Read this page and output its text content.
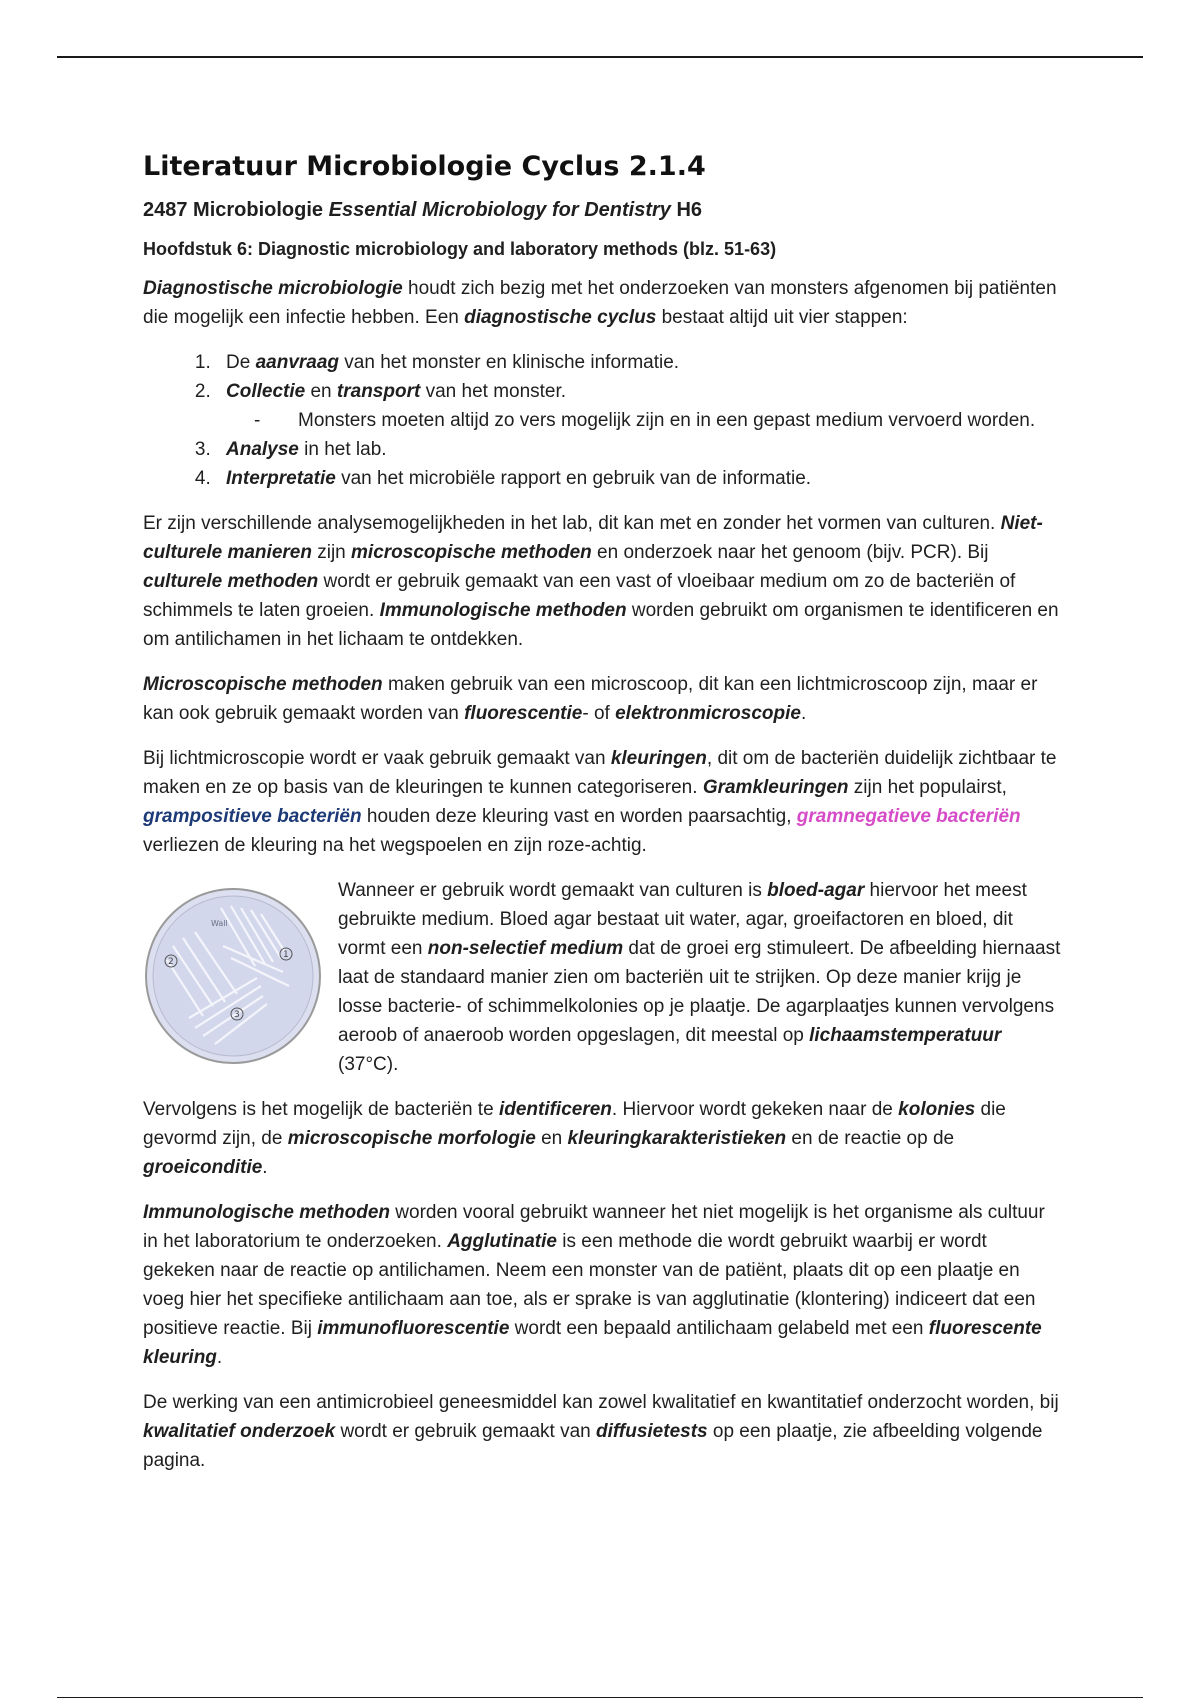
Literatuur Microbiologie Cyclus 2.1.4
2487 Microbiologie Essential Microbiology for Dentistry H6
Hoofdstuk 6: Diagnostic microbiology and laboratory methods (blz. 51-63)

Diagnostische microbiologie houdt zich bezig met het onderzoeken van monsters afgenomen bij patiënten die mogelijk een infectie hebben. Een diagnostische cyclus bestaat altijd uit vier stappen:

1. De aanvraag van het monster en klinische informatie.
2. Collectie en transport van het monster.
- Monsters moeten altijd zo vers mogelijk zijn en in een gepast medium vervoerd worden.
3. Analyse in het lab.
4. Interpretatie van het microbiële rapport en gebruik van de informatie.

Er zijn verschillende analysemogelijkheden in het lab, dit kan met en zonder het vormen van culturen. Niet-culturele manieren zijn microscopische methoden en onderzoek naar het genoom (bijv. PCR). Bij culturele methoden wordt er gebruik gemaakt van een vast of vloeibaar medium om zo de bacteriën of schimmels te laten groeien. Immunologische methoden worden gebruikt om organismen te identificeren en om antilichamen in het lichaam te ontdekken.

Microscopische methoden maken gebruik van een microscoop, dit kan een lichtmicroscoop zijn, maar er kan ook gebruik gemaakt worden van fluorescentie- of elektronmicroscopie.

Bij lichtmicroscopie wordt er vaak gebruik gemaakt van kleuringen, dit om de bacteriën duidelijk zichtbaar te maken en ze op basis van de kleuringen te kunnen categoriseren. Gramkleuringen zijn het populairst, grampositieve bacteriën houden deze kleuring vast en worden paarsachtig, gramnegatieve bacteriën verliezen de kleuring na het wegspoelen en zijn roze-achtig.

Wall
1
2
3
Wanneer er gebruik wordt gemaakt van culturen is bloed-agar hiervoor het meest gebruikte medium. Bloed agar bestaat uit water, agar, groeifactoren en bloed, dit vormt een non-selectief medium dat de groei erg stimuleert. De afbeelding hiernaast laat de standaard manier zien om bacteriën uit te strijken. Op deze manier krijg je losse bacterie- of schimmelkolonies op je plaatje. De agarplaatjes kunnen vervolgens aeroob of anaeroob worden opgeslagen, dit meestal op lichaamstemperatuur (37°C).

Vervolgens is het mogelijk de bacteriën te identificeren. Hiervoor wordt gekeken naar de kolonies die gevormd zijn, de microscopische morfologie en kleuringkarakteristieken en de reactie op de groeiconditie.

Immunologische methoden worden vooral gebruikt wanneer het niet mogelijk is het organisme als cultuur in het laboratorium te onderzoeken. Agglutinatie is een methode die wordt gebruikt waarbij er wordt gekeken naar de reactie op antilichamen. Neem een monster van de patiënt, plaats dit op een plaatje en voeg hier het specifieke antilichaam aan toe, als er sprake is van agglutinatie (klontering) indiceert dat een positieve reactie. Bij immunofluorescentie wordt een bepaald antilichaam gelabeld met een fluorescente kleuring.

De werking van een antimicrobieel geneesmiddel kan zowel kwalitatief en kwantitatief onderzocht worden, bij kwalitatief onderzoek wordt er gebruik gemaakt van diffusietests op een plaatje, zie afbeelding volgende pagina.
